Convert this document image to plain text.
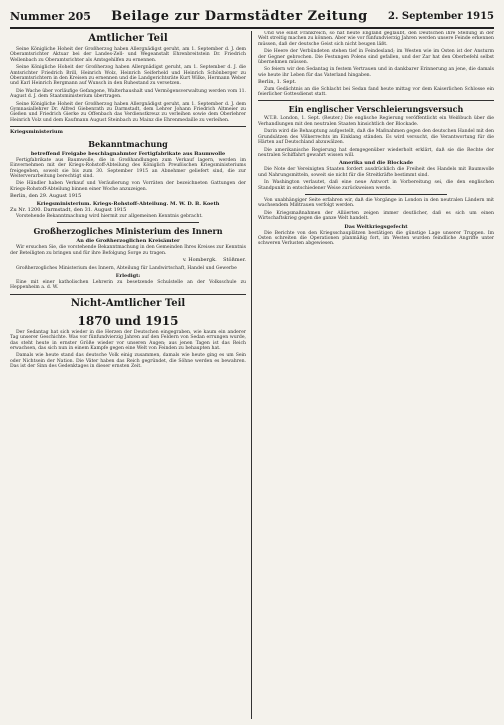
Nummer 205 Beilage zur Darmstädter Zeitung 2. September 1915
Amtlicher Teil

Seine Königliche Hoheit der Großherzog haben Allergnädigst geruht, am 1. September d. J. dem Oberamtsrichter Aktuar bei der Landes-Zell- und Wegeanstalt Ehrenbreitstein Dr. Friedrich Wellenbach zu Oberamtsrichter als Amtsgehilfen zu ernennen.

Seine Königliche Hoheit der Großherzog haben Allergnädigst geruht, am 1. September d. J. die Amtsrichter Friedrich Brill, Heinrich Wolz, Heinrich Seiferheld und Heinrich Schönberger zu Oberamtsrichtern in den Kreisen zu ernennen und die Landgerichtsräte Kurt Wilke, Hermann Weber und Karl Heinrich Bergmann auf Wunsch in den Ruhestand zu versetzen.

Die Wache über vorläufige Gefangene, Walterhaushalt und Vermögensverwaltung werden vom 11. August d. J. dem Staatsministerium übertragen.

Seine Königliche Hoheit der Großherzog haben Allergnädigst geruht, am 1. September d. J. dem Gymnasiallehrer Dr. Alfred Giebenrath zu Darmstadt, dem Lehrer Johann Friedrich Altmeier zu Gießen und Friedrich Gierke zu Offenbach das Verdienstkreuz zu verleihen sowie dem Oberlehrer Heinrich Volz und dem Kaufmann August Steinbach zu Mainz die Ehrenmedaille zu verleihen.

Kriegsministerium
Bekanntmachung
betreffend Freigabe beschlagnahmter Fertigfabrikate aus Baumwolle

Fertigfabrikate aus Baumwolle, die in Großhandlungen zum Verkauf lagern, werden im Einvernehmen mit der Kriegs-Rohstoff-Abteilung des Königlich Preußischen Kriegsministeriums freigegeben, soweit sie bis zum 30. September 1915 an Abnehmer geliefert sind, die zur Weiterverarbeitung berechtigt sind.

Die Händler haben Verkauf und Veräußerung von Vorräten der bezeichneten Gattungen der Kriegs-Rohstoff-Abteilung binnen einer Woche anzuzeigen.

Berlin, den 29. August 1915
Kriegsministerium. Kriegs-Rohstoff-Abteilung. M. W. D. B. Koeth
Zu Nr. 1200. Darmstadt, den 31. August 1915

Vorstehende Bekanntmachung wird hiermit zur allgemeinen Kenntnis gebracht.

Großherzogliches Ministerium des Innern
An die Großherzoglichen Kreisämter

Wir ersuchen Sie, die vorstehende Bekanntmachung in den Gemeinden Ihres Kreises zur Kenntnis der Beteiligten zu bringen und für ihre Befolgung Sorge zu tragen.

v. Hombergk. Stößmer.

Großherzogliches Ministerium des Innern, Abteilung für Landwirtschaft, Handel und Gewerbe

Erledigt:

Eine mit einer katholischen Lehrerin zu besetzende Schulstelle an der Volksschule zu Heppenheim a. d. W.

Nicht-Amtlicher Teil
1870 und 1915

Der Sedantag hat sich wieder in die Herzen der Deutschen eingegraben, wie kaum ein anderer Tag unserer Geschichte. Was vor fünfundvierzig Jahren auf den Feldern von Sedan errungen wurde, das steht heute in ernster Größe wieder vor unseren Augen; aus jenen Tagen ist das Reich erwachsen, das sich nun in einem Kampfe gegen eine Welt von Feinden zu behaupten hat.

Damals wie heute stand das deutsche Volk einig zusammen, damals wie heute ging es um Sein oder Nichtsein der Nation. Die Väter haben das Reich gegründet, die Söhne werden es bewahren. Das ist der Sinn des Gedenktages in dieser ernsten Zeit.

Und wie einst Frankreich, so hat heute England geglaubt, den Deutschen ihre Stellung in der Welt streitig machen zu können. Aber wie vor fünfundvierzig Jahren werden unsere Feinde erkennen müssen, daß der deutsche Geist sich nicht beugen läßt.

Die Heere der Verbündeten stehen tief in Feindesland; im Westen wie im Osten ist der Ansturm der Gegner gebrochen. Die Festungen Polens sind gefallen, und der Zar hat den Oberbefehl selbst übernehmen müssen.

So feiern wir den Sedantag in festem Vertrauen und in dankbarer Erinnerung an jene, die damals wie heute ihr Leben für das Vaterland hingaben.

Berlin, 1. Sept.

Zum Gedächtnis an die Schlacht bei Sedan fand heute mittag vor dem Kaiserlichen Schlosse ein feierlicher Gottesdienst statt.

Ein englischer Verschleierungsversuch

W.T.B. London, 1. Sept. (Reuter.) Die englische Regierung veröffentlicht ein Weißbuch über die Verhandlungen mit den neutralen Staaten hinsichtlich der Blockade.

Darin wird die Behauptung aufgestellt, daß die Maßnahmen gegen den deutschen Handel mit den Grundsätzen des Völkerrechts im Einklang ständen. Es wird versucht, die Verantwortung für die Härten auf Deutschland abzuwälzen.

Die amerikanische Regierung hat demgegenüber wiederholt erklärt, daß sie die Rechte der neutralen Schiffahrt gewahrt wissen will.

Amerika und die Blockade

Die Note der Vereinigten Staaten fordert ausdrücklich die Freiheit des Handels mit Baumwolle und Nahrungsmitteln, soweit sie nicht für die Streitkräfte bestimmt sind.

In Washington verlautet, daß eine neue Antwort in Vorbereitung sei, die den englischen Standpunkt in entschiedener Weise zurückweisen werde.

Von unabhängiger Seite erfahren wir, daß die Vorgänge in London in den neutralen Ländern mit wachsendem Mißtrauen verfolgt werden.

Die Kriegsmaßnahmen der Alliierten zeigen immer deutlicher, daß es sich um einen Wirtschaftskrieg gegen die ganze Welt handelt.

Das Weltkriegsgefecht

Die Berichte von den Kriegsschauplätzen bestätigen die günstige Lage unserer Truppen. Im Osten schreiten die Operationen planmäßig fort, im Westen wurden feindliche Angriffe unter schweren Verlusten abgewiesen.
